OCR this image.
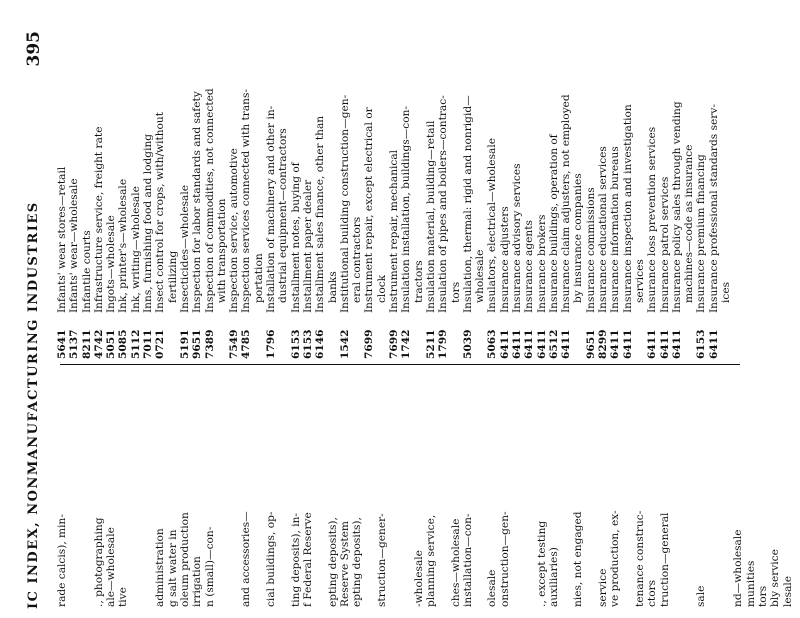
IC INDEX, NONMANUFACTURING INDUSTRIES
395
rade calcis), min- ., photographing ale—wholesale tive administration g salt water in oleum production irrigation n (small)—con- and accessories— cial buildings, op- ting deposits), in- f Federal Reserve epting deposits), Reserve System epting deposits), struction—gener- -wholesale planning service, ches—wholesale installation—con- olesale onstruction—gen- ., except testing auxiliaries) nies, not engaged service ve production, ex- tenance construc- ctors truction—general sale nd—wholesale munities tors bly service lesale
5641
Infants' wear stores—retail
5137
Infants' wear—wholesale
8211
Infantile courts
4742
Infrastructure service, freight rate
5051
Ingots—wholesale
5085
Ink, printer's—wholesale
5112
Ink, writing—wholesale
7011
Inns, furnishing food and lodging
0721
Insect control for crops, with/without fertilizing
5191
Insecticides—wholesale
9651
Inspection for labor standards and safety
7389
Inspection of commodities, not connected with transportation
7549
Inspection service, automotive
4785
Inspection services connected with trans- portation
1796
Installation of machinery and other in- dustrial equipment—contractors
6153
Installment notes, buying of
6153
Installment paper dealer
6146
Installment sales finance, other than banks
1542
Institutional building construction—gen- eral contractors
7699
Instrument repair, except electrical or clock
7699
Instrument repair, mechanical
1742
Insulation installation, buildings—con- tractors
5211
Insulation material, building—retail
1799
Insulation of pipes and boilers—contrac- tors
5039
Insulation, thermal: rigid and nonrigid— wholesale
5063
Insulators, electrical—wholesale
6411
Insurance adjusters
6411
Insurance advisory services
6411
Insurance agents
6411
Insurance brokers
6512
Insurance buildings, operation of
6411
Insurance claim adjusters, not employed by insurance companies
9651
Insurance commissions
8299
Insurance educational services
6411
Insurance information bureaus
6411
Insurance inspection and investigation services
6411
Insurance loss prevention services
6411
Insurance patrol services
6411
Insurance policy sales through vending machines—code as insurance
6153
Insurance premium financing
6411
Insurance professional standards serv- ices
